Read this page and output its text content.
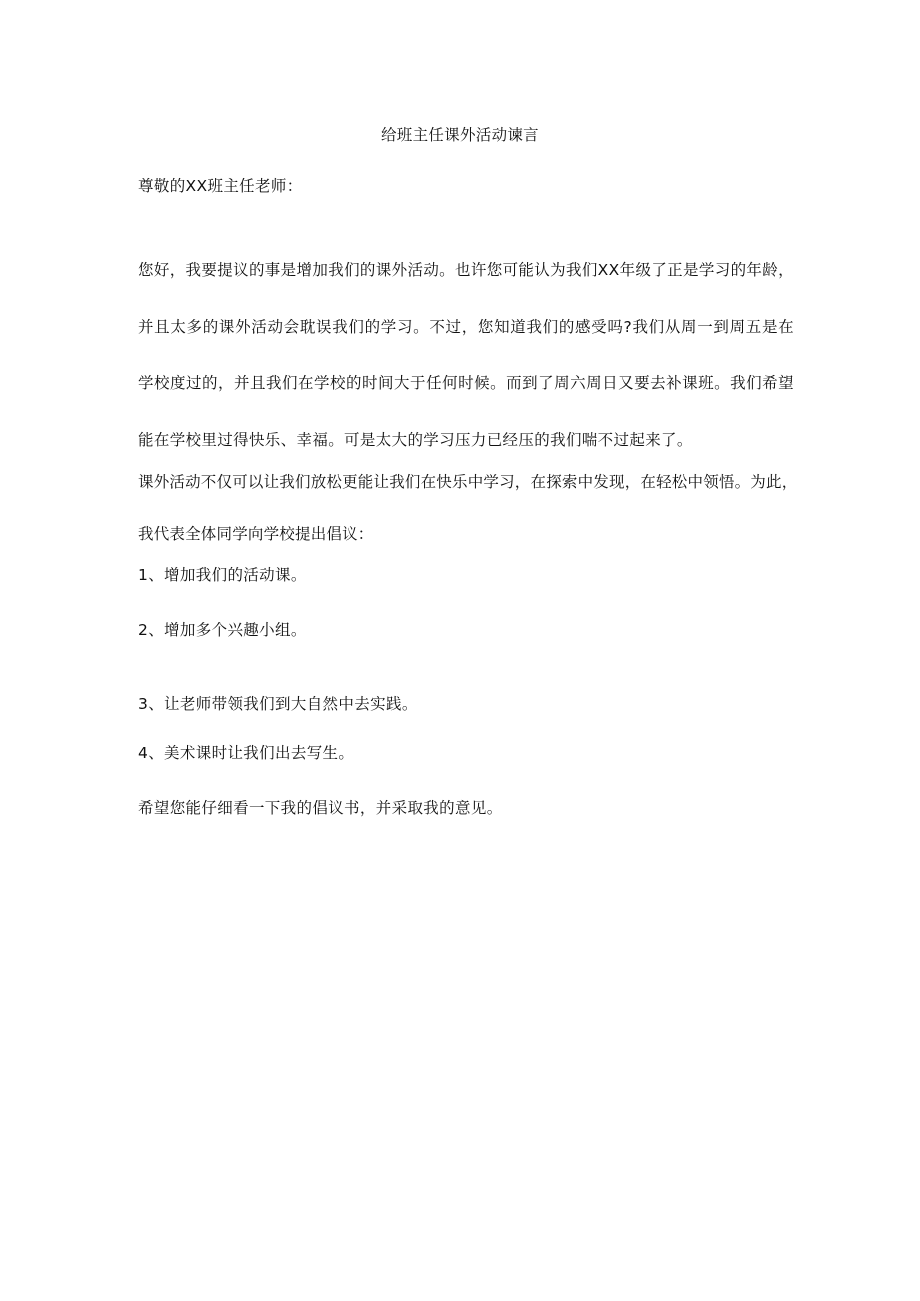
给班主任课外活动谏言
尊敬的XX班主任老师：
您好，我要提议的事是增加我们的课外活动。也许您可能认为我们XX年级了正是学习的年龄，并且太多的课外活动会耽误我们的学习。不过，您知道我们的感受吗?我们从周一到周五是在学校度过的，并且我们在学校的时间大于任何时候。而到了周六周日又要去补课班。我们希望能在学校里过得快乐、幸福。可是太大的学习压力已经压的我们喘不过起来了。
课外活动不仅可以让我们放松更能让我们在快乐中学习，在探索中发现，在轻松中领悟。为此，我代表全体同学向学校提出倡议：
1、增加我们的活动课。
2、增加多个兴趣小组。
3、让老师带领我们到大自然中去实践。
4、美术课时让我们出去写生。
希望您能仔细看一下我的倡议书，并采取我的意见。
